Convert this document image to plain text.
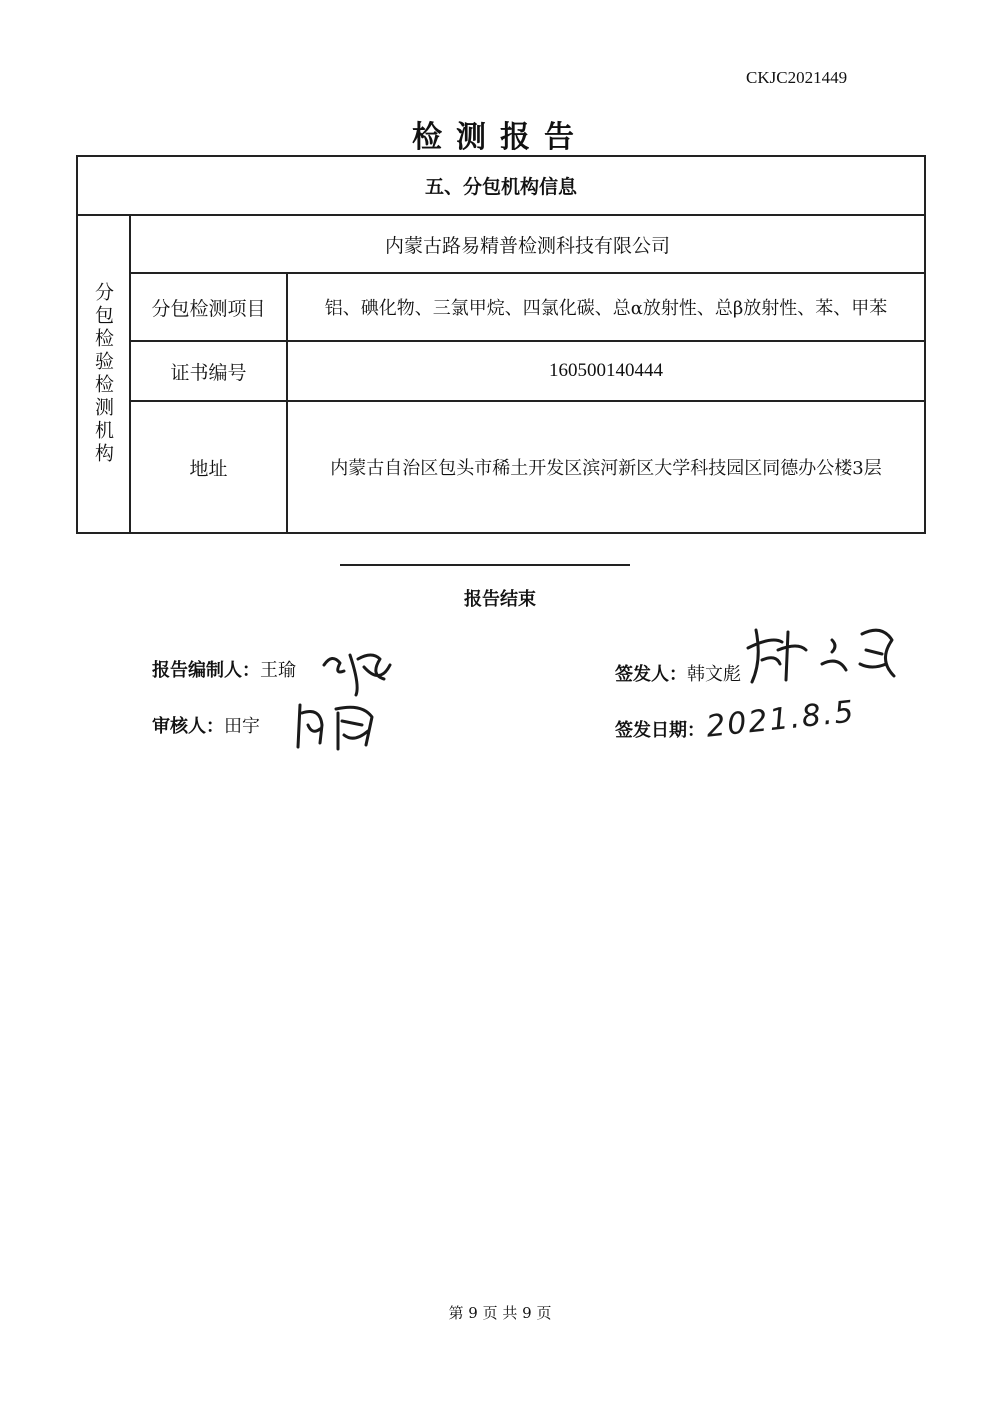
CKJC2021449
检测报告
五、分包机构信息
分包检验检测机构
内蒙古路易精普检测科技有限公司
分包检测项目	铝、碘化物、三氯甲烷、四氯化碳、总α放射性、总β放射性、苯、甲苯
证书编号	160500140444
地址	内蒙古自治区包头市稀土开发区滨河新区大学科技园区同德办公楼3层
报告结束
报告编制人：王瑜
审核人：田宇
签发人：韩文彪
签发日期： 2021.8.5
第 9 页 共 9 页
